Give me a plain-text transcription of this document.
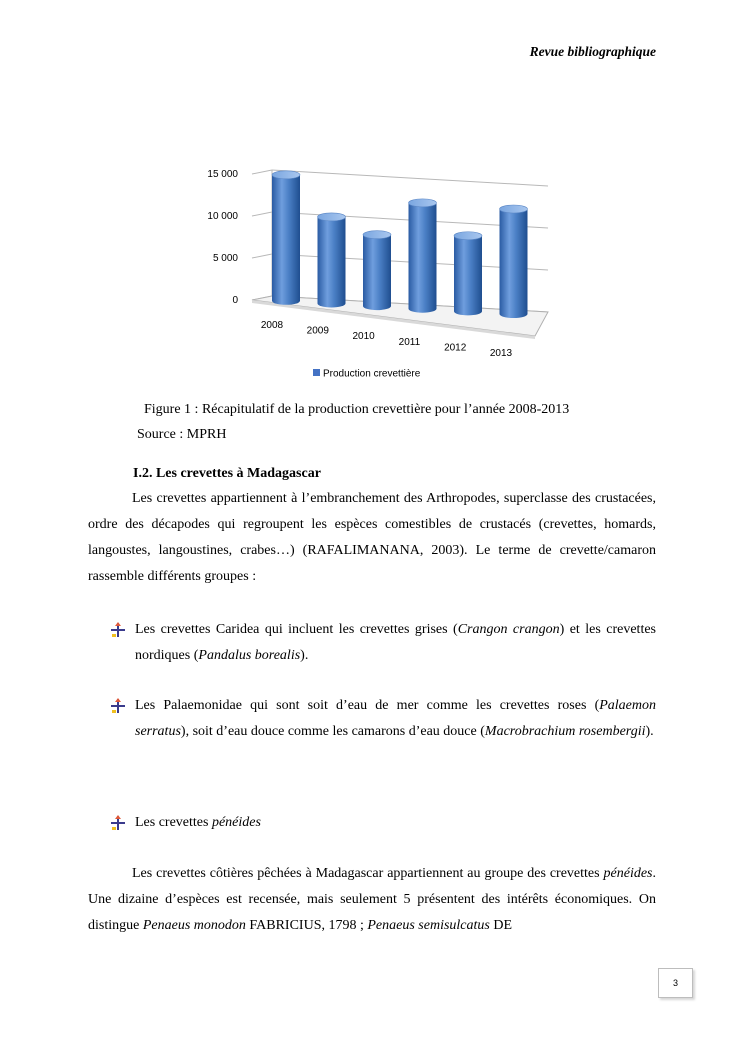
Revue bibliographique
0
5 000
10 000
15 000
2008
2009
2010
2011
2012
2013
Production crevettière
Figure 1 : Récapitulatif de la production crevettière pour l’année 2008-2013
Source : MPRH
I.2. Les crevettes à Madagascar
Les crevettes appartiennent à l’embranchement des Arthropodes, superclasse des crustacées, ordre des décapodes qui regroupent les espèces comestibles de crustacés (crevettes, homards, langoustes, langoustines, crabes…) (RAFALIMANANA, 2003). Le terme de crevette/camaron rassemble différents groupes :
Les crevettes Caridea qui incluent les crevettes grises (Crangon crangon) et les crevettes nordiques (Pandalus borealis).
Les Palaemonidae qui sont soit d’eau de mer comme les crevettes roses (Palaemon serratus), soit d’eau douce comme les camarons d’eau douce (Macrobrachium rosembergii).
Les crevettes pénéides
Les crevettes côtières pêchées à Madagascar appartiennent au groupe des crevettes pénéides. Une dizaine d’espèces est recensée, mais seulement 5 présentent des intérêts économiques. On distingue Penaeus monodon FABRICIUS, 1798 ; Penaeus semisulcatus DE
3
